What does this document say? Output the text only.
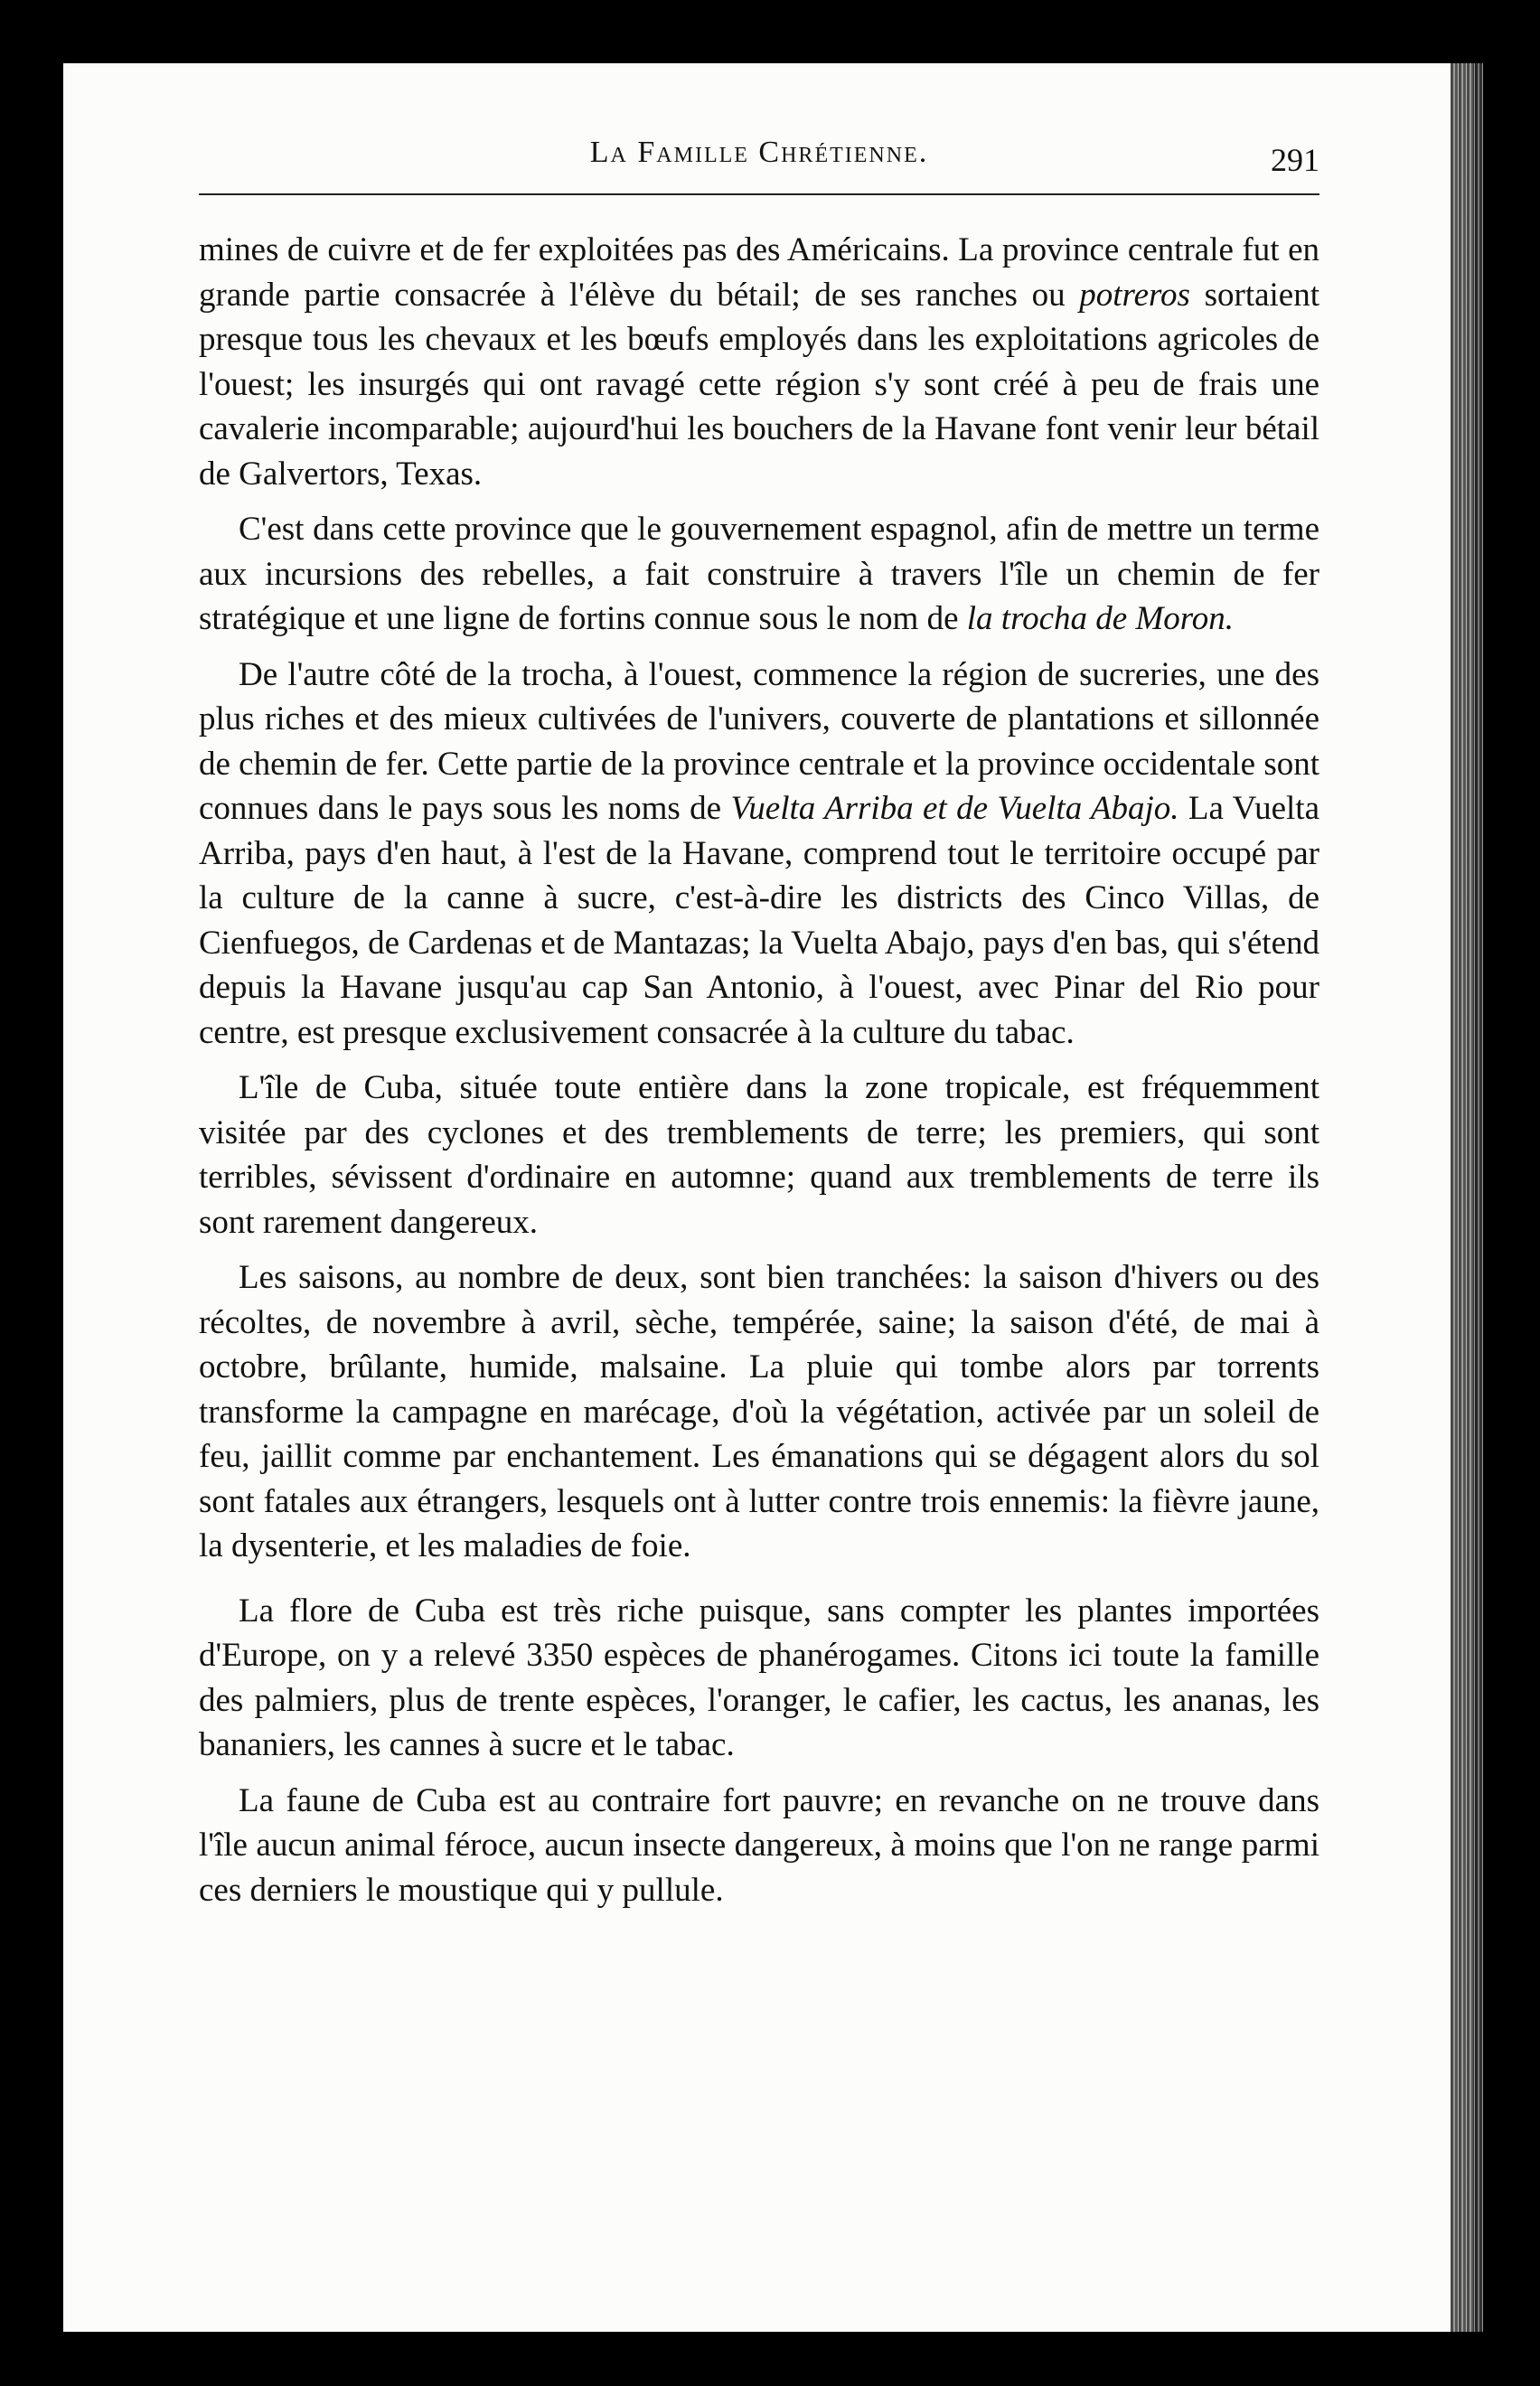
La Famille Chrétienne.	291

mines de cuivre et de fer exploitées pas des Américains. La province centrale fut en grande partie consacrée à l'élève du bétail; de ses ranches ou potreros sortaient presque tous les chevaux et les bœufs employés dans les exploitations agricoles de l'ouest; les insurgés qui ont ravagé cette région s'y sont créé à peu de frais une cavalerie incomparable; aujourd'hui les bouchers de la Havane font venir leur bétail de Galvertors, Texas.

C'est dans cette province que le gouvernement espagnol, afin de mettre un terme aux incursions des rebelles, a fait construire à travers l'île un chemin de fer stratégique et une ligne de fortins connue sous le nom de la trocha de Moron.

De l'autre côté de la trocha, à l'ouest, commence la région de sucreries, une des plus riches et des mieux cultivées de l'univers, couverte de plantations et sillonnée de chemin de fer. Cette partie de la province centrale et la province occidentale sont connues dans le pays sous les noms de Vuelta Arriba et de Vuelta Abajo. La Vuelta Arriba, pays d'en haut, à l'est de la Havane, comprend tout le territoire occupé par la culture de la canne à sucre, c'est-à-dire les districts des Cinco Villas, de Cienfuegos, de Cardenas et de Mantazas; la Vuelta Abajo, pays d'en bas, qui s'étend depuis la Havane jusqu'au cap San Antonio, à l'ouest, avec Pinar del Rio pour centre, est presque exclusivement consacrée à la culture du tabac.

L'île de Cuba, située toute entière dans la zone tropicale, est fréquemment visitée par des cyclones et des tremblements de terre; les premiers, qui sont terribles, sévissent d'ordinaire en automne; quand aux tremblements de terre ils sont rarement dangereux.

Les saisons, au nombre de deux, sont bien tranchées: la saison d'hivers ou des récoltes, de novembre à avril, sèche, tempérée, saine; la saison d'été, de mai à octobre, brûlante, humide, malsaine. La pluie qui tombe alors par torrents transforme la campagne en marécage, d'où la végétation, activée par un soleil de feu, jaillit comme par enchantement. Les émanations qui se dégagent alors du sol sont fatales aux étrangers, lesquels ont à lutter contre trois ennemis: la fièvre jaune, la dysenterie, et les maladies de foie.

La flore de Cuba est très riche puisque, sans compter les plantes importées d'Europe, on y a relevé 3350 espèces de phanérogames. Citons ici toute la famille des palmiers, plus de trente espèces, l'oranger, le cafier, les cactus, les ananas, les bananiers, les cannes à sucre et le tabac.

La faune de Cuba est au contraire fort pauvre; en revanche on ne trouve dans l'île aucun animal féroce, aucun insecte dangereux, à moins que l'on ne range parmi ces derniers le moustique qui y pullule.
